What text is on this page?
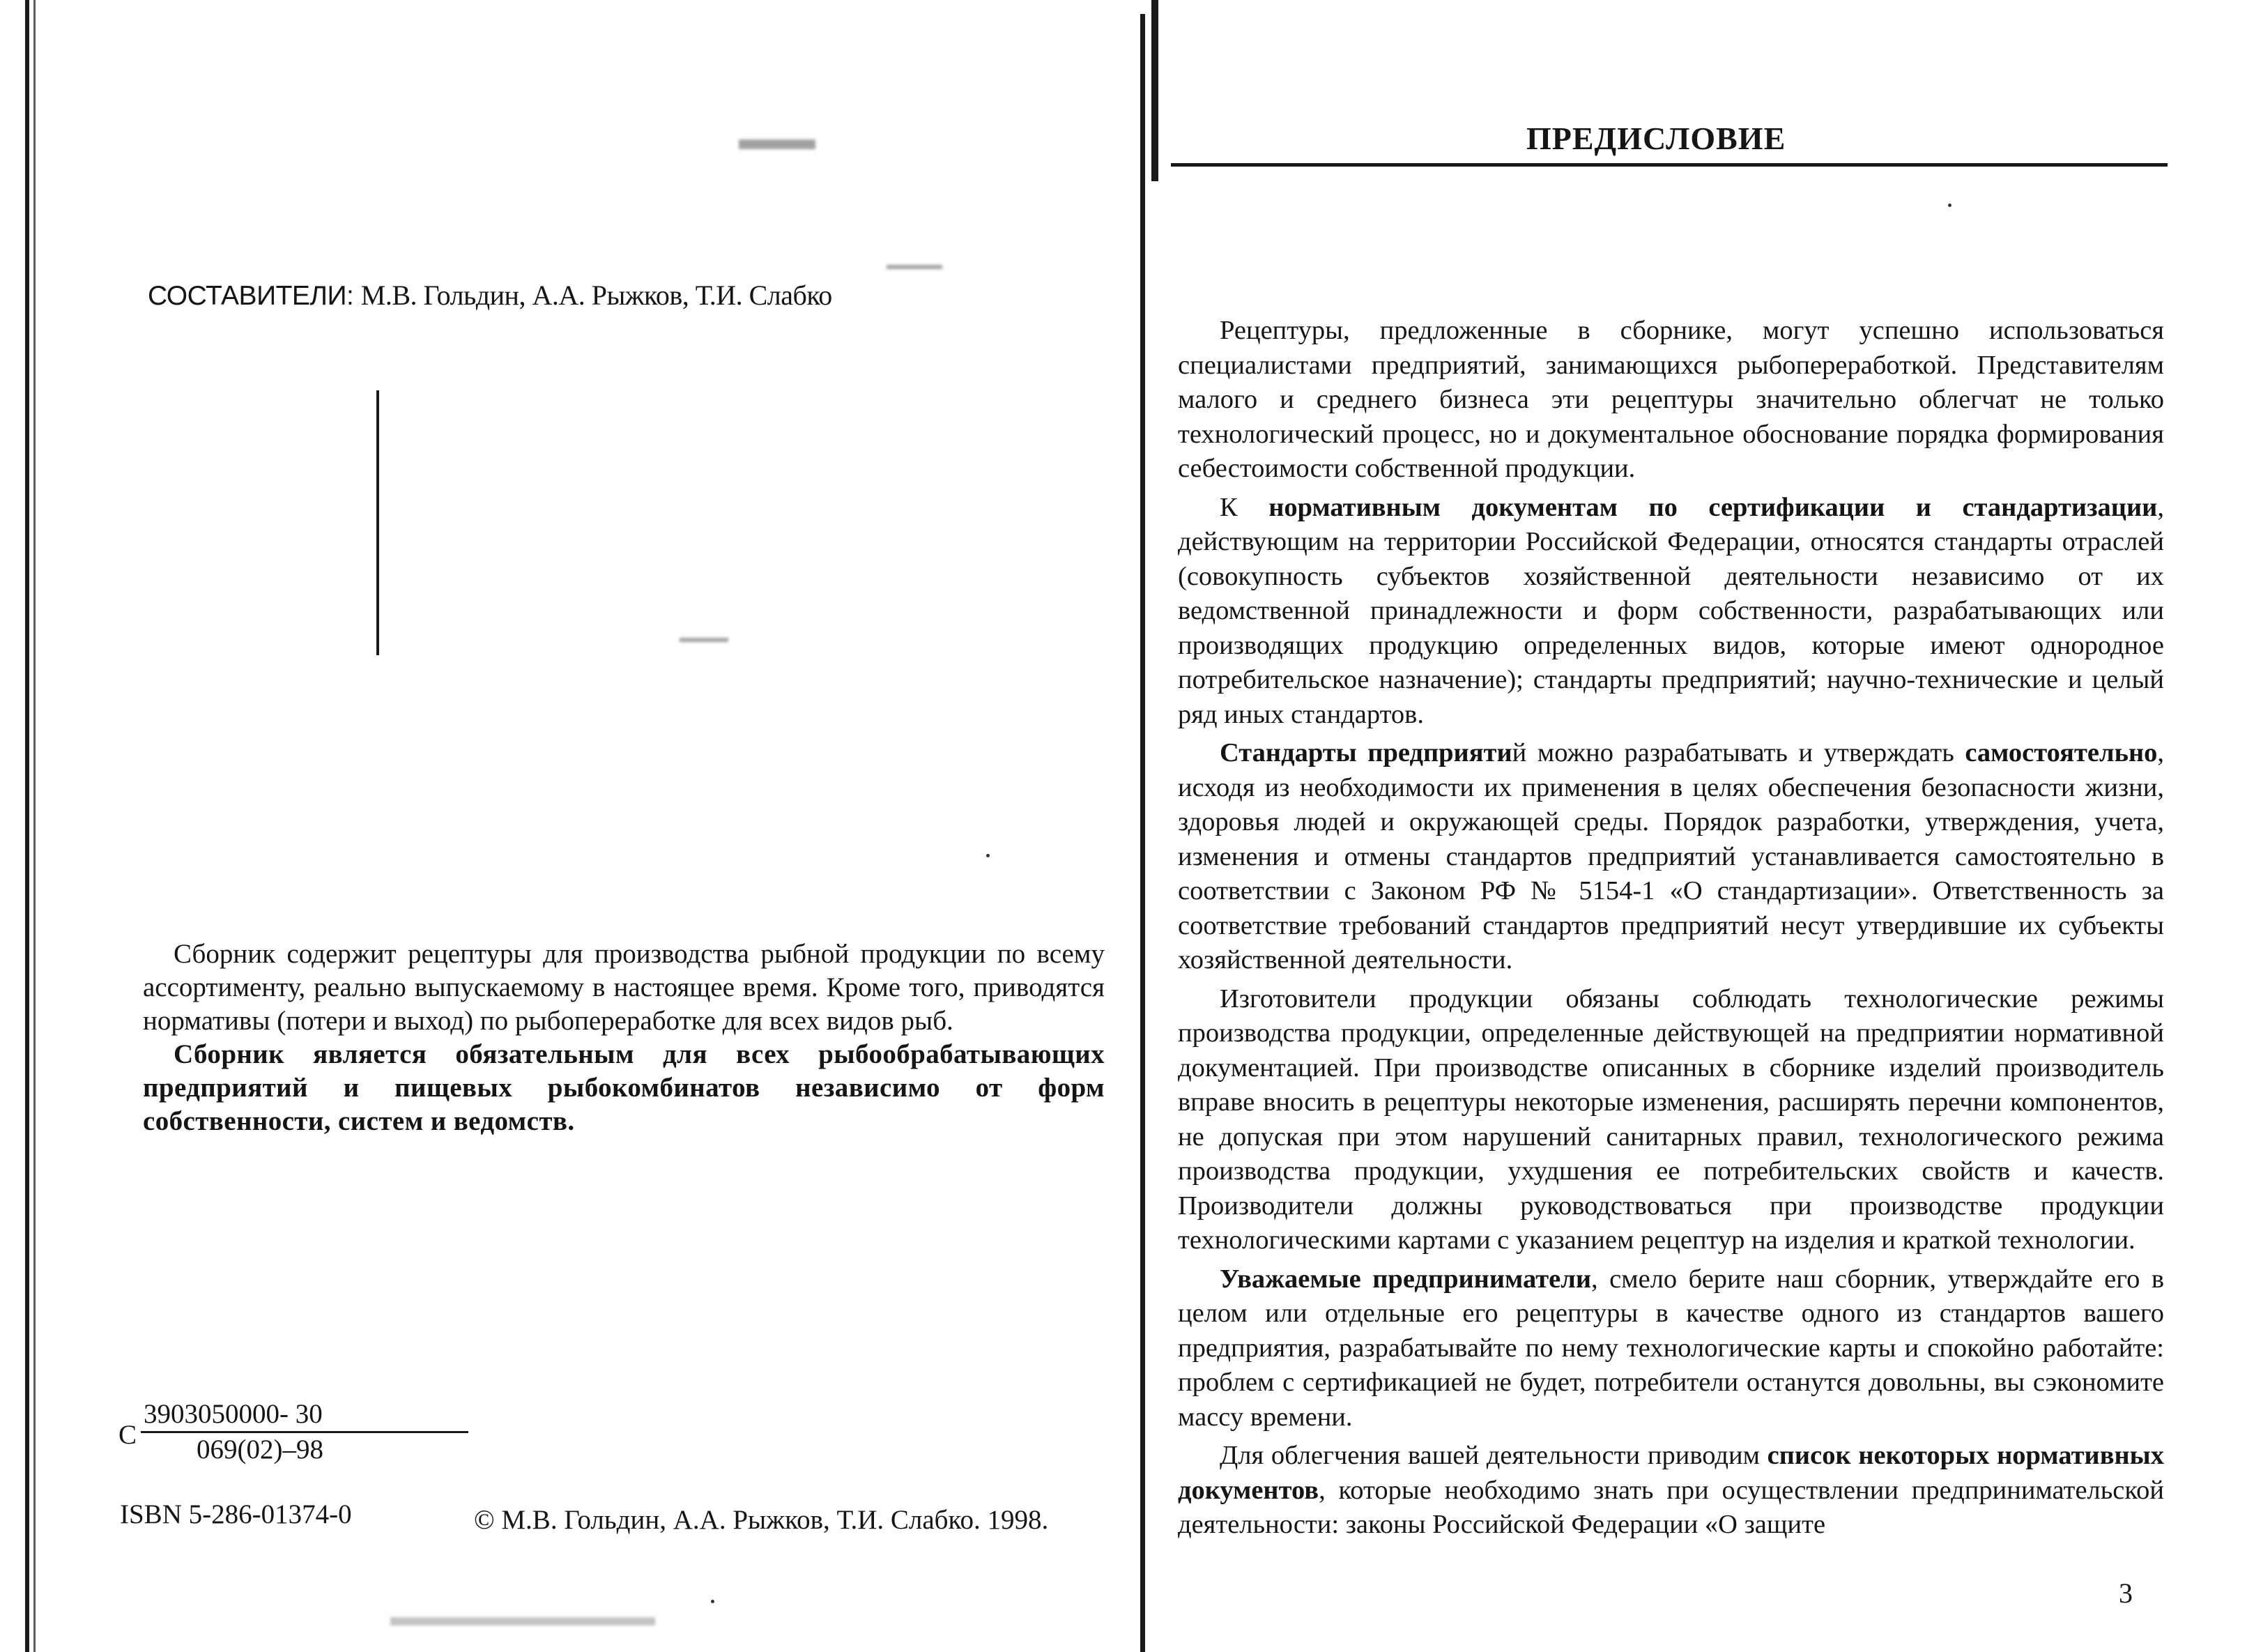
СОСТАВИТЕЛИ: М.В. Гольдин, А.А. Рыжков, Т.И. Слабко

Сборник содержит рецептуры для производства рыбной продукции по всему ассортименту, реально выпускаемому в настоящее время. Кроме того, приводятся нормативы (потери и выход) по рыбопереработке для всех видов рыб.

Сборник является обязательным для всех рыбообрабатывающих предприятий и пищевых рыбокомбинатов независимо от форм собственности, систем и ведомств.

С $\frac{3903050000- 30}{069(02)-98}$
ISBN 5-286-01374-0	© М.В. Гольдин, А.А. Рыжков, Т.И. Слабко. 1998.
ПРЕДИСЛОВИЕ

Рецептуры, предложенные в сборнике, могут успешно использоваться специалистами предприятий, занимающихся рыбопереработкой. Представителям малого и среднего бизнеса эти рецептуры значительно облегчат не только технологический процесс, но и документальное обоснование порядка формирования себестоимости собственной продукции.

К нормативным документам по сертификации и стандартизации, действующим на территории Российской Федерации, относятся стандарты отраслей (совокупность субъектов хозяйственной деятельности независимо от их ведомственной принадлежности и форм собственности, разрабатывающих или производящих продукцию определенных видов, которые имеют однородное потребительское назначение); стандарты предприятий; научно-технические и целый ряд иных стандартов.

Стандарты предприятий можно разрабатывать и утверждать самостоятельно, исходя из необходимости их применения в целях обеспечения безопасности жизни, здоровья людей и окружающей среды. Порядок разработки, утверждения, учета, изменения и отмены стандартов предприятий устанавливается самостоятельно в соответствии с Законом РФ № 5154-1 «О стандартизации». Ответственность за соответствие требований стандартов предприятий несут утвердившие их субъекты хозяйственной деятельности.

Изготовители продукции обязаны соблюдать технологические режимы производства продукции, определенные действующей на предприятии нормативной документацией. При производстве описанных в сборнике изделий производитель вправе вносить в рецептуры некоторые изменения, расширять перечни компонентов, не допуская при этом нарушений санитарных правил, технологического режима производства продукции, ухудшения ее потребительских свойств и качеств. Производители должны руководствоваться при производстве продукции технологическими картами с указанием рецептур на изделия и краткой технологии.

Уважаемые предприниматели, смело берите наш сборник, утверждайте его в целом или отдельные его рецептуры в качестве одного из стандартов вашего предприятия, разрабатывайте по нему технологические карты и спокойно работайте: проблем с сертификацией не будет, потребители останутся довольны, вы сэкономите массу времени.

Для облегчения вашей деятельности приводим список некоторых нормативных документов, которые необходимо знать при осуществлении предпринимательской деятельности: законы Российской Федерации «О защите

3
